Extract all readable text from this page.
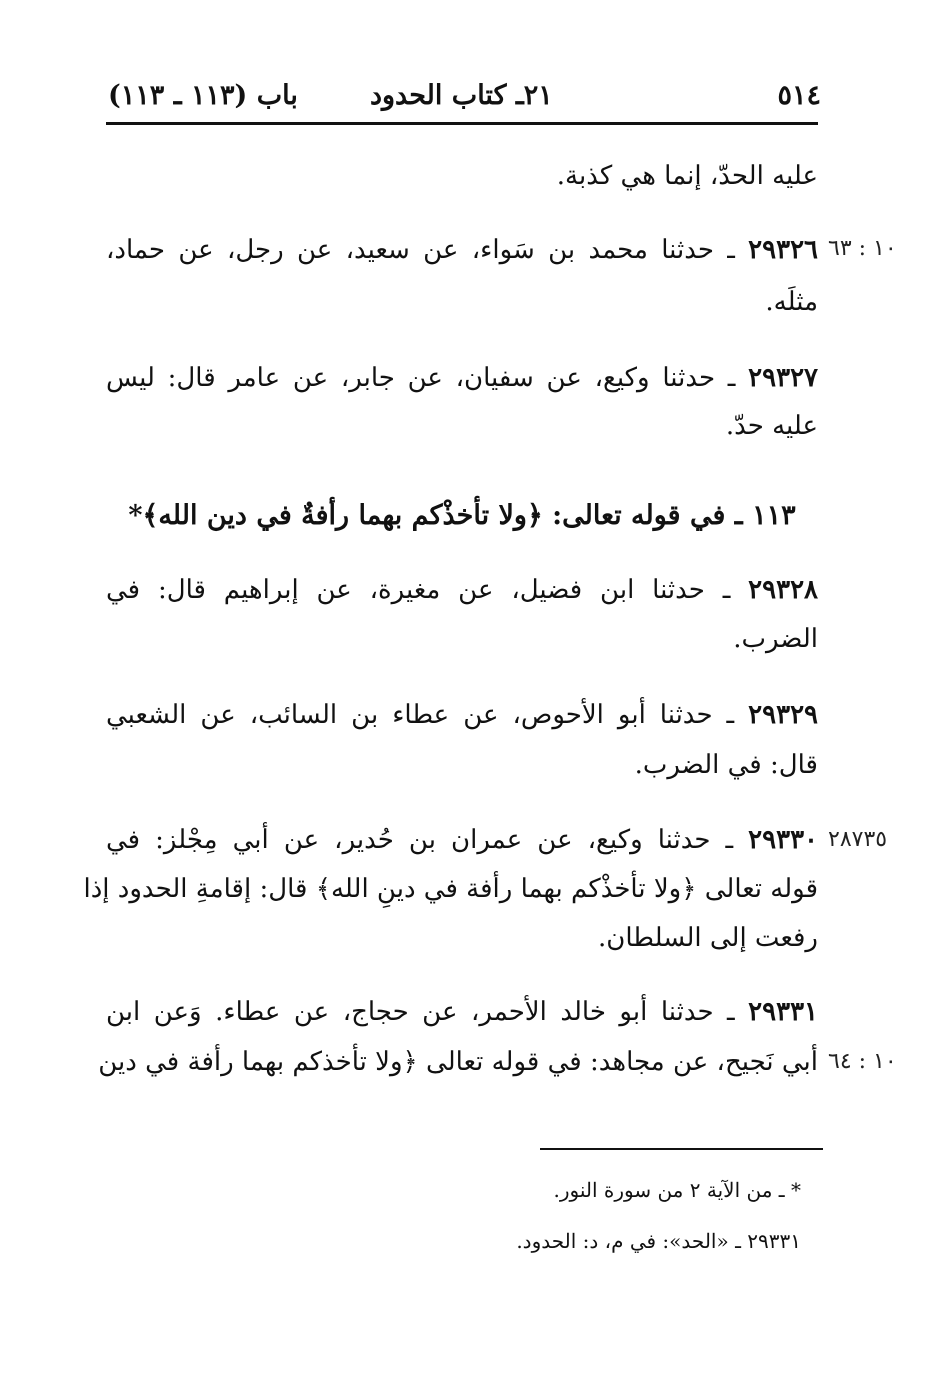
٥١٤
٢١ـ كتاب الحدود
باب (١١٣ ـ ١١٣)
عليه الحدّ، إنما هي كذبة.
١٠ : ٦٣
٢٩٣٢٦ ـ حدثنا محمد بن سَواء، عن سعيد، عن رجل، عن حماد،
مثلَه.
٢٩٣٢٧ ـ حدثنا وكيع، عن سفيان، عن جابر، عن عامر قال: ليس
عليه حدّ.
١١٣ ـ في قوله تعالى: ﴿ولا تأخذْكم بهما رأفةٌ في دين الله﴾*
٢٩٣٢٨ ـ حدثنا ابن فضيل، عن مغيرة، عن إبراهيم قال: في
الضرب.
٢٩٣٢٩ ـ حدثنا أبو الأحوص، عن عطاء بن السائب، عن الشعبي
قال: في الضرب.
٢٨٧٣٥
٢٩٣٣٠ ـ حدثنا وكيع، عن عمران بن حُدير، عن أبي مِجْلز: في
قوله تعالى ﴿ولا تأخذْكم بهما رأفة في دينِ الله﴾ قال: إقامةِ الحدود إذا
رفعت إلى السلطان.
٢٩٣٣١ ـ حدثنا أبو خالد الأحمر، عن حجاج، عن عطاء. وَعن ابن
١٠ : ٦٤
أبي نَجيح، عن مجاهد: في قوله تعالى ﴿ولا تأخذكم بهما رأفة في دين
* ـ من الآية ٢ من سورة النور.
٢٩٣٣١ ـ «الحد»: في م، د: الحدود.
